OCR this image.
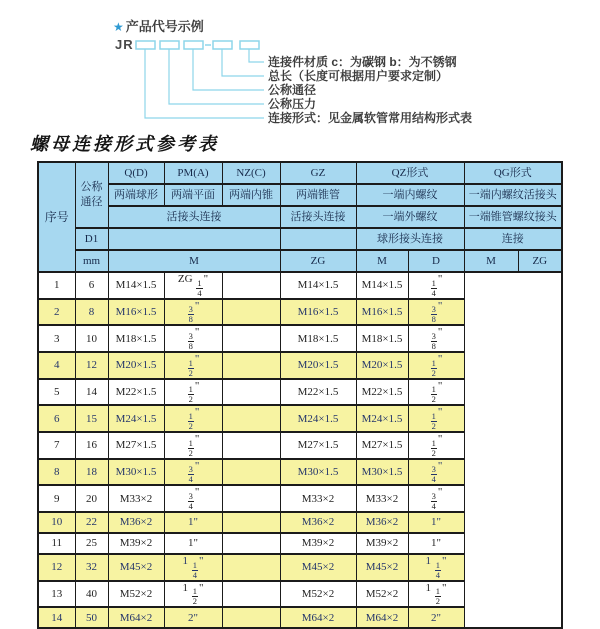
★ 产品代号示例
JR
连接件材质 c：为碳钢 b：为不锈钢
总长（长度可根据用户要求定制）
公称通径
公称压力
连接形式：见金属软管常用结构形式表
螺母连接形式参考表
序号	公称通径	Q(D)	PM(A)	NZ(C)	GZ	QZ形式		QG形式	
		两端球形	两端平面	两端内锥	两端锥管	一端内螺纹		一端内螺纹活接头	
		活接头连接			活接头连接	一端外螺纹		一端锥管螺纹接头	
	D1					球形接头连接		连接	
	mm	M			ZG	M	D	M	ZG
1	6	M14×1.5	ZG $\frac{1}{4}$ "		M14×1.5	M14×1.5	$\frac{1}{4}$ "		
2	8	M16×1.5	$\frac{3}{8}$ "		M16×1.5	M16×1.5	$\frac{3}{8}$ "		
3	10	M18×1.5	$\frac{3}{8}$ "		M18×1.5	M18×1.5	$\frac{3}{8}$ "		
4	12	M20×1.5	$\frac{1}{2}$ "		M20×1.5	M20×1.5	$\frac{1}{2}$ "		
5	14	M22×1.5	$\frac{1}{2}$ "		M22×1.5	M22×1.5	$\frac{1}{2}$ "		
6	15	M24×1.5	$\frac{1}{2}$ "		M24×1.5	M24×1.5	$\frac{1}{2}$ "		
7	16	M27×1.5	$\frac{1}{2}$ "		M27×1.5	M27×1.5	$\frac{1}{2}$ "		
8	18	M30×1.5	$\frac{3}{4}$ "		M30×1.5	M30×1.5	$\frac{3}{4}$ "		
9	20	M33×2	$\frac{3}{4}$ "		M33×2	M33×2	$\frac{3}{4}$ "		
10	22	M36×2	1"		M36×2	M36×2	1"		
11	25	M39×2	1"		M39×2	M39×2	1"		
12	32	M45×2	$1 \frac{1}{4}$ "		M45×2	M45×2	$1 \frac{1}{4}$ "		
13	40	M52×2	$1 \frac{1}{2}$ "		M52×2	M52×2	$1 \frac{1}{2}$ "		
14	50	M64×2	2"		M64×2	M64×2	2"		
